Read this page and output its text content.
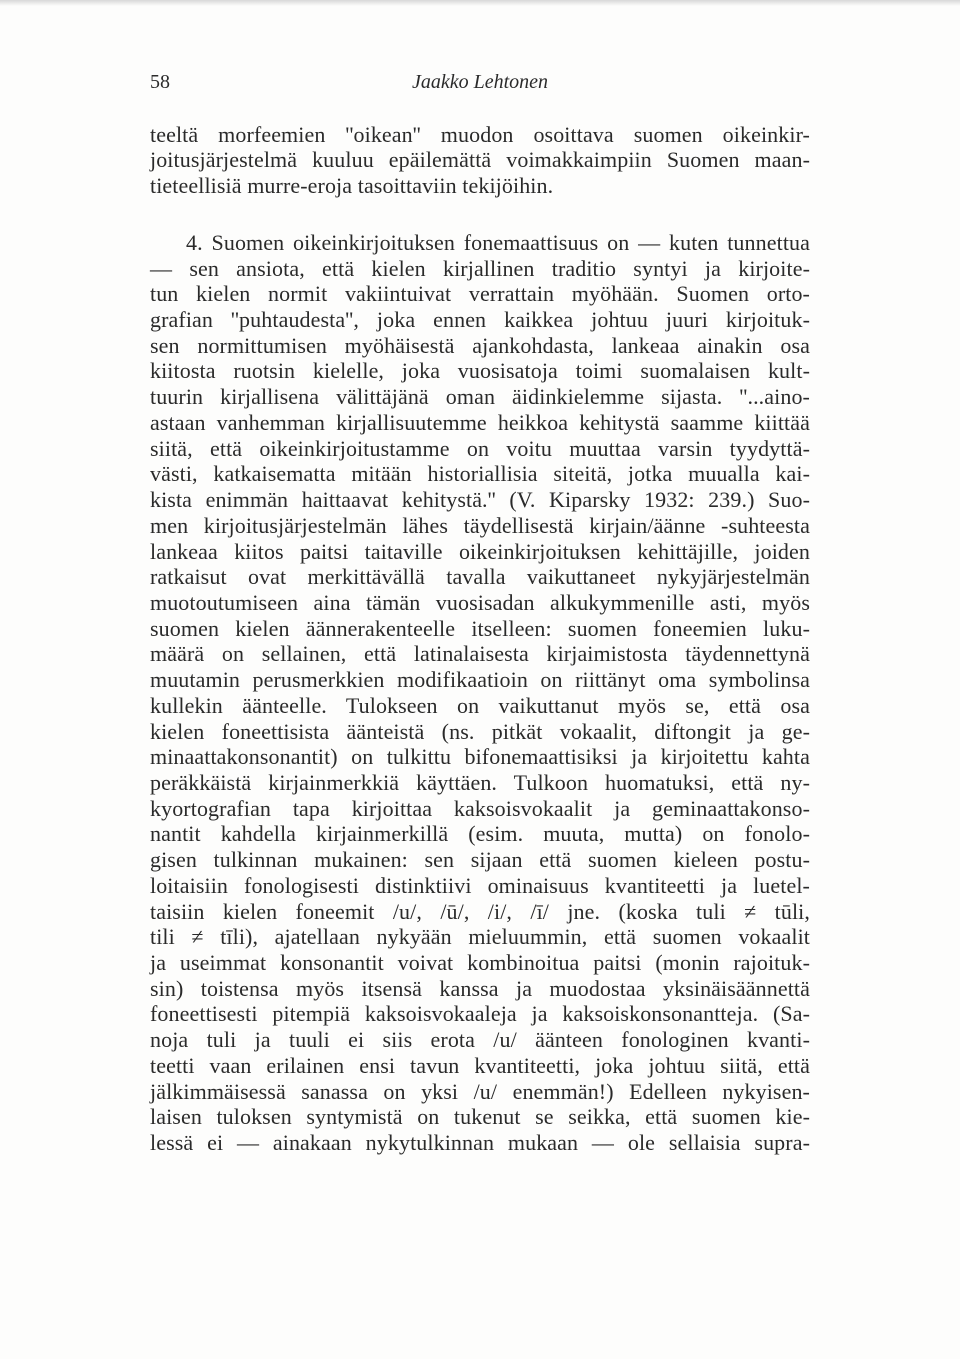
58	Jaakko Lehtonen
teeltä morfeemien ''oikean'' muodon osoittava suomen oikeinkir-
joitusjärjestelmä kuuluu epäilemättä voimakkaimpiin Suomen maan-
tieteellisiä murre-eroja tasoittaviin tekijöihin.
4. Suomen oikeinkirjoituksen fonemaattisuus on — kuten tunnettua
— sen ansiota, että kielen kirjallinen traditio syntyi ja kirjoite-
tun kielen normit vakiintuivat verrattain myöhään. Suomen orto-
grafian ''puhtaudesta'', joka ennen kaikkea johtuu juuri kirjoituk-
sen normittumisen myöhäisestä ajankohdasta, lankeaa ainakin osa
kiitosta ruotsin kielelle, joka vuosisatoja toimi suomalaisen kult-
tuurin kirjallisena välittäjänä oman äidinkielemme sijasta. ''...aino-
astaan vanhemman kirjallisuutemme heikkoa kehitystä saamme kiittää
siitä, että oikeinkirjoitustamme on voitu muuttaa varsin tyydyttä-
västi, katkaisematta mitään historiallisia siteitä, jotka muualla kai-
kista enimmän haittaavat kehitystä.'' (V. Kiparsky 1932: 239.) Suo-
men kirjoitusjärjestelmän lähes täydellisestä kirjain/äänne -suhteesta
lankeaa kiitos paitsi taitaville oikeinkirjoituksen kehittäjille, joiden
ratkaisut ovat merkittävällä tavalla vaikuttaneet nykyjärjestelmän
muotoutumiseen aina tämän vuosisadan alkukymmenille asti, myös
suomen kielen äännerakenteelle itselleen: suomen foneemien luku-
määrä on sellainen, että latinalaisesta kirjaimistosta täydennettynä
muutamin perusmerkkien modifikaatioin on riittänyt oma symbolinsa
kullekin äänteelle. Tulokseen on vaikuttanut myös se, että osa
kielen foneettisista äänteistä (ns. pitkät vokaalit, diftongit ja ge-
minaattakonsonantit) on tulkittu bifonemaattisiksi ja kirjoitettu kahta
peräkkäistä kirjainmerkkiä käyttäen. Tulkoon huomatuksi, että ny-
kyortografian tapa kirjoittaa kaksoisvokaalit ja geminaattakonso-
nantit kahdella kirjainmerkillä (esim. muuta, mutta) on fonolo-
gisen tulkinnan mukainen: sen sijaan että suomen kieleen postu-
loitaisiin fonologisesti distinktiivi ominaisuus kvantiteetti ja luetel-
taisiin kielen foneemit /u/, /ū/, /i/, /ī/ jne. (koska tuli ≠ tūli,
tili ≠ tīli), ajatellaan nykyään mieluummin, että suomen vokaalit
ja useimmat konsonantit voivat kombinoitua paitsi (monin rajoituk-
sin) toistensa myös itsensä kanssa ja muodostaa yksinäisäännettä
foneettisesti pitempiä kaksoisvokaaleja ja kaksoiskonsonantteja. (Sa-
noja tuli ja tuuli ei siis erota /u/ äänteen fonologinen kvanti-
teetti vaan erilainen ensi tavun kvantiteetti, joka johtuu siitä, että
jälkimmäisessä sanassa on yksi /u/ enemmän!) Edelleen nykyisen-
laisen tuloksen syntymistä on tukenut se seikka, että suomen kie-
lessä ei — ainakaan nykytulkinnan mukaan — ole sellaisia supra-
